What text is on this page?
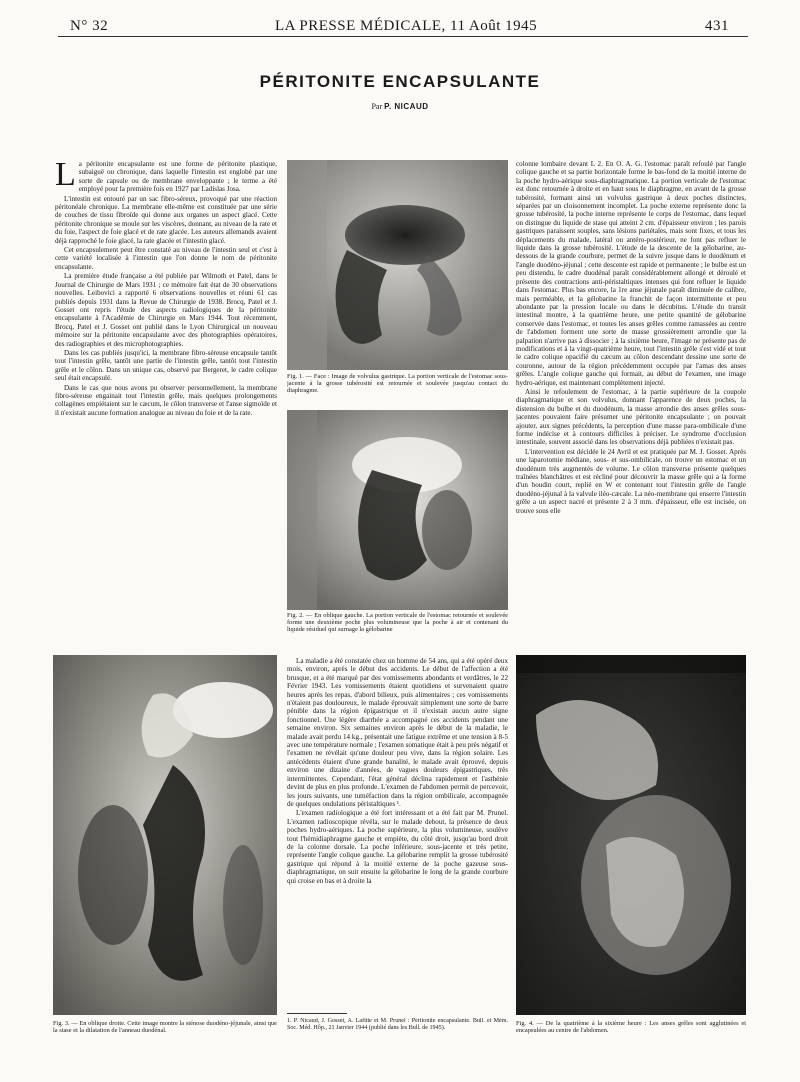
N° 32	LA PRESSE MÉDICALE, 11 Août 1945	431
PÉRITONITE ENCAPSULANTE
Par P. NICAUD

La péritonite encapsulante est une forme de péritonite plastique, subaiguë ou chronique, dans laquelle l'intestin est englobé par une sorte de capsule ou de membrane enveloppante ; le terme a été employé pour la première fois en 1927 par Ladislas Josa.

L'intestin est entouré par un sac fibro-séreux, provoqué par une réaction péritonéale chronique. La membrane elle-même est constituée par une série de couches de tissu fibroïde qui donne aux organes un aspect glacé. Cette péritonite chronique se moule sur les viscères, donnant, au niveau de la rate et du foie, l'aspect de foie glacé et de rate glacée. Les auteurs allemands avaient déjà rapproché le foie glacé, la rate glacée et l'intestin glacé.

Cet encapsulement peut être constaté au niveau de l'intestin seul et c'est à cette variété localisée à l'intestin que l'on donne le nom de péritonite encapsulante.

La première étude française a été publiée par Wilmoth et Patel, dans le Journal de Chirurgie de Mars 1931 ; ce mémoire fait état de 30 observations nouvelles. Leibovici a rapporté 6 observations nouvelles et réuni 61 cas publiés depuis 1931 dans la Revue de Chirurgie de 1938. Brocq, Patel et J. Gosset ont repris l'étude des aspects radiologiques de la péritonite encapsulante à l'Académie de Chirurgie en Mars 1944. Tout récemment, Brocq, Patel et J. Gosset ont publié dans le Lyon Chirurgical un nouveau mémoire sur la péritonite encapsulante avec des photographies opératoires, des radiographies et des microphotographies.

Dans les cas publiés jusqu'ici, la membrane fibro-séreuse encapsule tantôt tout l'intestin grêle, tantôt une partie de l'intestin grêle, tantôt tout l'intestin grêle et le côlon. Dans un unique cas, observé par Bergeret, le cadre colique seul était encapsulé.

Dans le cas que nous avons pu observer personnellement, la membrane fibro-séreuse engainait tout l'intestin grêle, mais quelques prolongements collagènes empiétaient sur le cæcum, le côlon transverse et l'anse sigmoïde et il n'existait aucune formation analogue au niveau du foie et de la rate.

Fig. 1. — Face : Image de volvulus gastrique. La portion verticale de l'estomac sous-jacente à la grosse tubérosité est retournée et soulevée jusqu'au contact du diaphragme.
Fig. 2. — En oblique gauche. La portion verticale de l'estomac retournée et soulevée forme une deuxième poche plus volumineuse que la poche à air et contenant du liquide résiduel qui surnage la gélobarine

colonne lombaire devant L 2. En O. A. G. l'estomac paraît refoulé par l'angle colique gauche et sa partie horizontale forme le bas-fond de la moitié interne de la poche hydro-aérique sous-diaphragmatique. La portion verticale de l'estomac est donc retournée à droite et en haut sous le diaphragme, en avant de la grosse tubérosité, formant ainsi un volvulus gastrique à deux poches distinctes, séparées par un cloisonnement incomplet. La poche externe représente donc la grosse tubérosité, la poche interne représente le corps de l'estomac, dans lequel on distingue du liquide de stase qui atteint 2 cm. d'épaisseur environ ; les parois gastriques paraissent souples, sans lésions pariétales, mais sont fixes, et tous les déplacements du malade, latéral ou antéro-postérieur, ne font pas refluer le liquide dans la grosse tubérosité. L'étude de la descente de la gélobarine, au-dessous de la grande courbure, permet de la suivre jusque dans le duodénum et l'angle duodéno-jéjunal ; cette descente est rapide et permanente ; le bulbe est un peu distendu, le cadre duodénal paraît considérablement allongé et déroulé et présente des contractions anti-péristaltiques intenses qui font refluer le liquide dans l'estomac. Plus bas encore, la 1re anse jéjunale paraît diminuée de calibre, mais perméable, et la gélobarine la franchit de façon intermittente et peu abondante par la pression locale ou dans le décubitus. L'étude du transit intestinal montre, à la quatrième heure, une petite quantité de gélobarine conservée dans l'estomac, et toutes les anses grêles comme ramassées au centre de l'abdomen forment une sorte de masse grossièrement arrondie que la palpation n'arrive pas à dissocier ; à la sixième heure, l'image ne présente pas de modifications et à la vingt-quatrième heure, tout l'intestin grêle s'est vidé et tout le cadre colique opacifié du cæcum au côlon descendant dessine une sorte de couronne, autour de la région précédemment occupée par l'amas des anses grêles. L'angle colique gauche qui formait, au début de l'examen, une image hydro-aérique, est maintenant complètement injecté.

Ainsi le refoulement de l'estomac, à la partie supérieure de la coupole diaphragmatique et son volvulus, donnant l'apparence de deux poches, la distension du bulbe et du duodénum, la masse arrondie des anses grêles sous-jacentes pouvaient faire présumer une péritonite encapsulante ; on pouvait ajouter, aux signes précédents, la perception d'une masse para-ombilicale d'une forme indécise et à contours difficiles à préciser. Le syndrome d'occlusion intestinale, souvent associé dans les observations déjà publiées n'existait pas.

L'intervention est décidée le 24 Avril et est pratiquée par M. J. Gosset. Après une laparotomie médiane, sous- et sus-ombilicale, on trouve un estomac et un duodénum très augmentés de volume. Le côlon transverse présente quelques traînées blanchâtres et est récliné pour découvrir la masse grêle qui a la forme d'un boudin court, replié en W et contenant tout l'intestin grêle de l'angle duodéno-jéjunal à la valvule iléo-cæcale. La néo-membrane qui enserre l'intestin grêle a un aspect nacré et présente 2 à 3 mm. d'épaisseur, elle est incisée, on trouve sous elle

Fig. 3. — En oblique droite. Cette image montre la sténose duodéno-jéjunale, ainsi que la stase et la dilatation de l'anneau duodénal.

La maladie a été constatée chez un homme de 54 ans, qui a été opéré deux mois, environ, après le début des accidents. Le début de l'affection a été brusque, et a été marqué par des vomissements abondants et verdâtres, le 22 Février 1943. Les vomissements étaient quotidiens et survenaient quatre heures après les repas, d'abord bilieux, puis alimentaires ; ces vomissements n'étaient pas douloureux, le malade éprouvait simplement une sorte de barre pénible dans la région épigastrique et il n'existait aucun autre signe fonctionnel. Une légère diarrhée a accompagné ces accidents pendant une semaine environ. Six semaines environ après le début de la maladie, le malade avait perdu 14 kg., présentait une fatigue extrême et une tension à 8-5 avec une température normale ; l'examen somatique était à peu près négatif et l'examen ne révélait qu'une douleur peu vive, dans la région solaire. Les antécédents étaient d'une grande banalité, le malade avait éprouvé, depuis environ une dizaine d'années, de vagues douleurs épigastriques, très intermittentes. Cependant, l'état général déclina rapidement et l'asthénie devint de plus en plus profonde. L'examen de l'abdomen permit de percevoir, les jours suivants, une tuméfaction dans la région ombilicale, accompagnée de quelques ondulations péristaltiques ¹.

L'examen radiologique a été fort intéressant et a été fait par M. Prunel. L'examen radioscopique révéla, sur le malade debout, la présence de deux poches hydro-aériques. La poche supérieure, la plus volumineuse, soulève tout l'hémidiaphragme gauche et empiète, du côté droit, jusqu'au bord droit de la colonne dorsale. La poche inférieure, sous-jacente et très petite, représente l'angle colique gauche. La gélobarine remplit la grosse tubérosité gastrique qui répond à la moitié externe de la poche gazeuse sous-diaphragmatique, on suit ensuite la gélobarine le long de la grande courbure qui croise en bas et à droite la

1. P. Nicaud, J. Gosset, A. Lafitte et M. Prunel : Péritonite encapsulante. Bull. et Mém. Soc. Méd. Hôp., 21 Janvier 1944 (publié dans les Bull. de 1945).
Fig. 4. — De la quatrième à la sixième heure : Les anses grêles sont agglutinées et encapsulées au centre de l'abdomen.
